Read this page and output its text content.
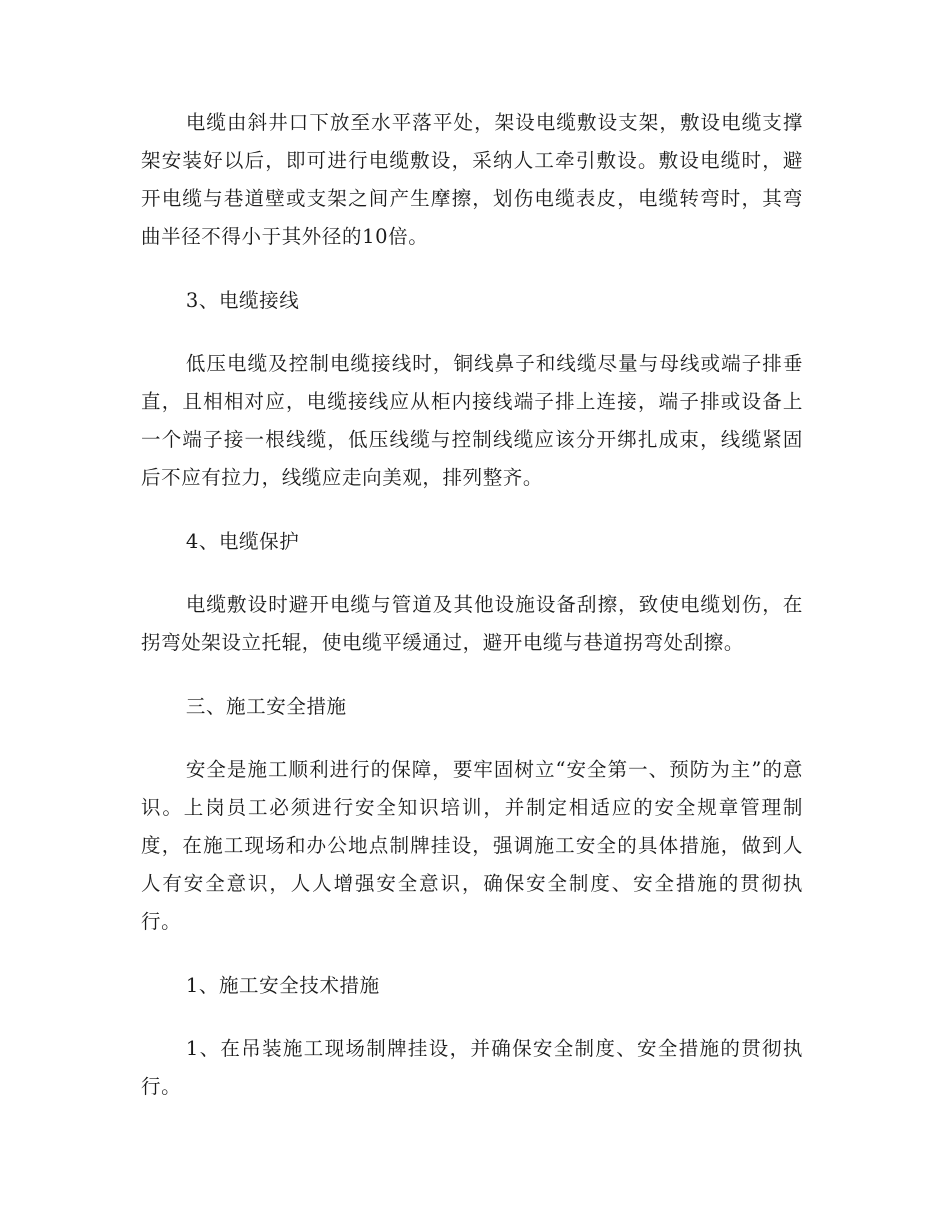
电缆由斜井口下放至水平落平处，架设电缆敷设支架，敷设电缆支撑架安装好以后，即可进行电缆敷设，采纳人工牵引敷设。敷设电缆时，避开电缆与巷道壁或支架之间产生摩擦，划伤电缆表皮，电缆转弯时，其弯曲半径不得小于其外径的10倍。

3、电缆接线

低压电缆及控制电缆接线时，铜线鼻子和线缆尽量与母线或端子排垂直，且相相对应，电缆接线应从柜内接线端子排上连接，端子排或设备上一个端子接一根线缆，低压线缆与控制线缆应该分开绑扎成束，线缆紧固后不应有拉力，线缆应走向美观，排列整齐。

4、电缆保护

电缆敷设时避开电缆与管道及其他设施设备刮擦，致使电缆划伤，在拐弯处架设立托辊，使电缆平缓通过，避开电缆与巷道拐弯处刮擦。

三、施工安全措施

安全是施工顺利进行的保障，要牢固树立“安全第一、预防为主”的意识。上岗员工必须进行安全知识培训，并制定相适应的安全规章管理制度，在施工现场和办公地点制牌挂设，强调施工安全的具体措施，做到人人有安全意识，人人增强安全意识，确保安全制度、安全措施的贯彻执行。

1、施工安全技术措施

1、在吊装施工现场制牌挂设，并确保安全制度、安全措施的贯彻执行。
